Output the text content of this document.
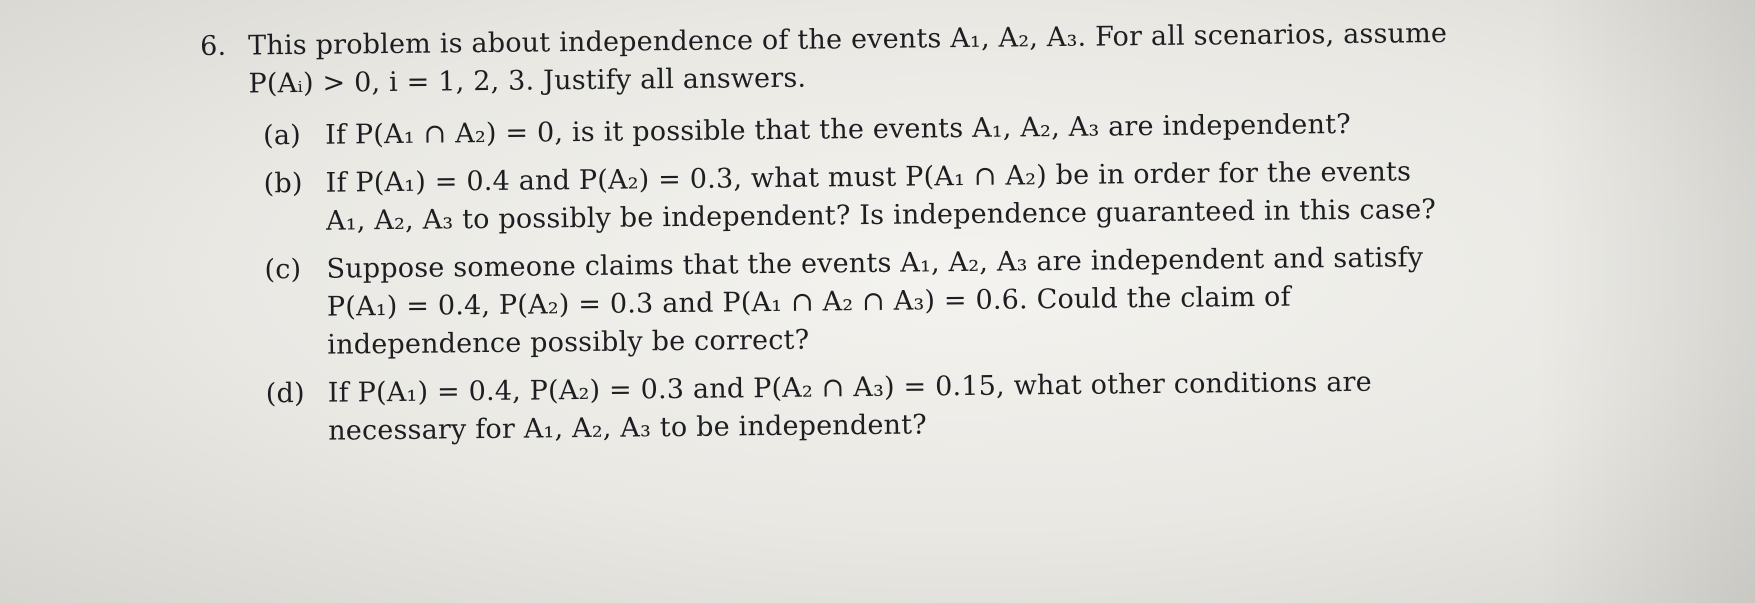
6. This problem is about independence of the events A₁, A₂, A₃. For all scenarios, assume
P(Aᵢ) > 0, i = 1, 2, 3. Justify all answers.
(a) If P(A₁ ∩ A₂) = 0, is it possible that the events A₁, A₂, A₃ are independent?
(b) If P(A₁) = 0.4 and P(A₂) = 0.3, what must P(A₁ ∩ A₂) be in order for the events
A₁, A₂, A₃ to possibly be independent? Is independence guaranteed in this case?
(c) Suppose someone claims that the events A₁, A₂, A₃ are independent and satisfy
P(A₁) = 0.4, P(A₂) = 0.3 and P(A₁ ∩ A₂ ∩ A₃) = 0.6. Could the claim of
independence possibly be correct?
(d) If P(A₁) = 0.4, P(A₂) = 0.3 and P(A₂ ∩ A₃) = 0.15, what other conditions are
necessary for A₁, A₂, A₃ to be independent?
